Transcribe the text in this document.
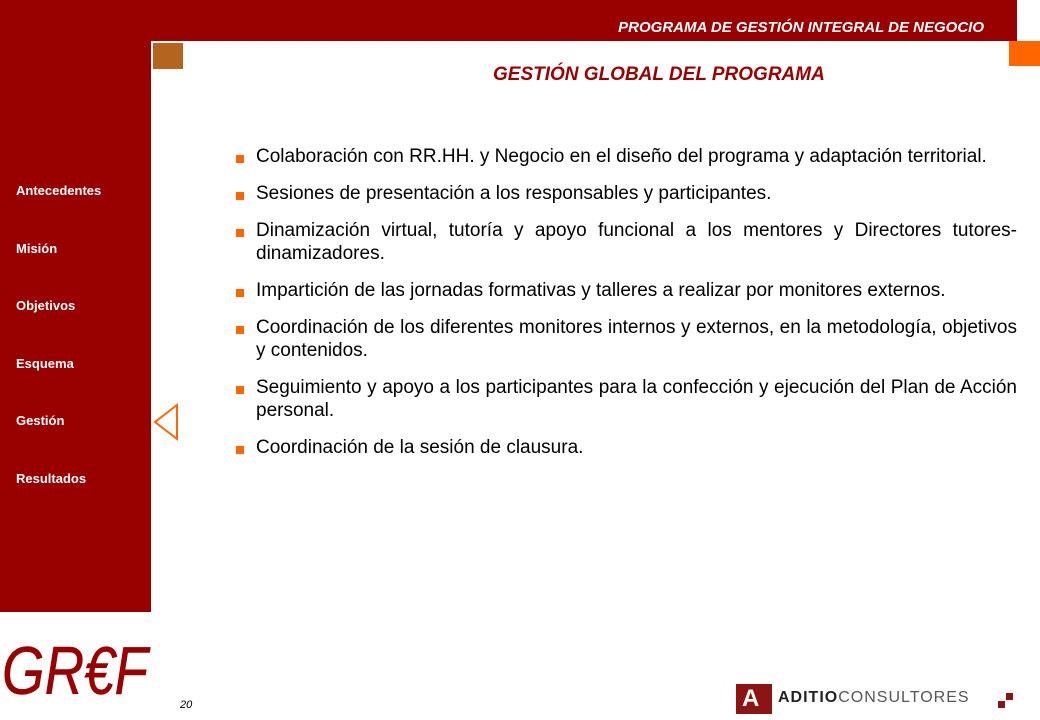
PROGRAMA DE GESTIÓN INTEGRAL DE NEGOCIO
GESTIÓN GLOBAL DEL PROGRAMA
Antecedentes
Misión
Objetivos
Esquema
Gestión
Resultados
Colaboración con RR.HH. y Negocio en el diseño del programa y adaptación territorial.
Sesiones de presentación a los responsables y participantes.
Dinamización virtual, tutoría y apoyo funcional a los mentores y Directores tutores-dinamizadores.
Impartición de las jornadas formativas y talleres a realizar por monitores externos.
Coordinación de los diferentes monitores internos y externos, en la metodología, objetivos y contenidos.
Seguimiento y apoyo a los participantes para la confección y ejecución del Plan de Acción personal.
Coordinación de la sesión de clausura.
GR€F	20	A ADITIOCONSULTORES
